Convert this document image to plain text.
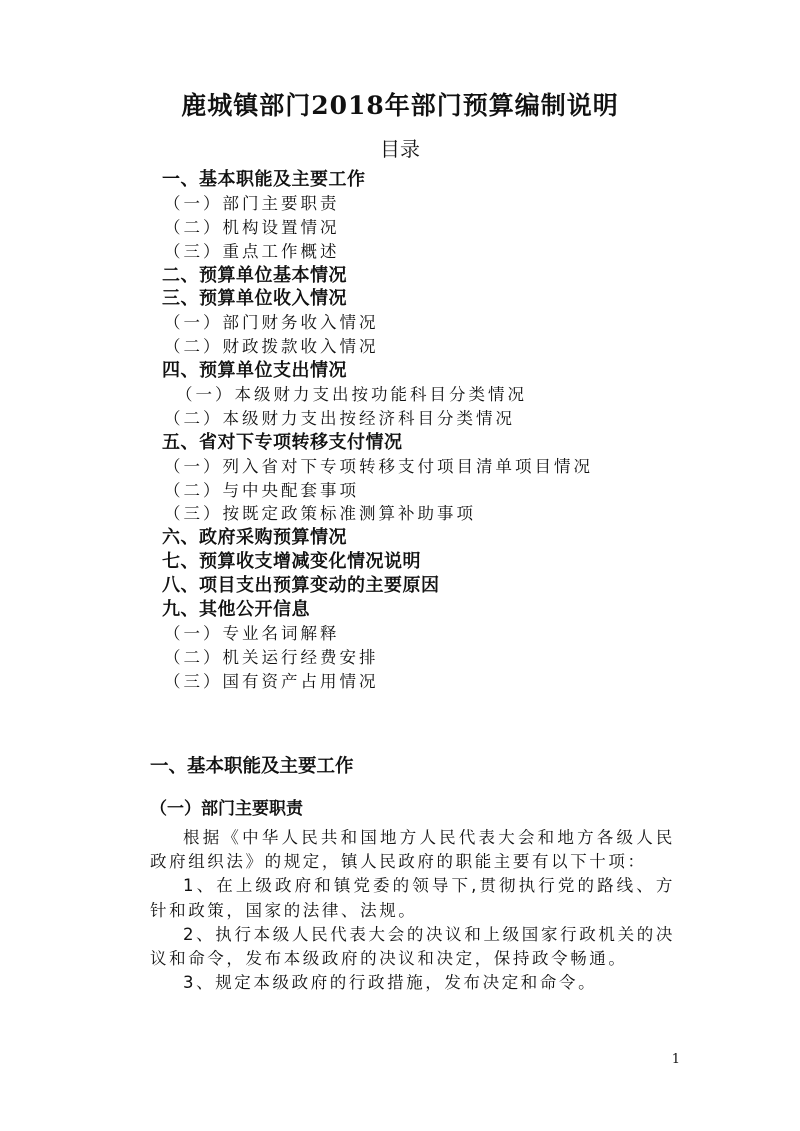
鹿城镇部门2018年部门预算编制说明
目录
一、基本职能及主要工作
（一）部门主要职责
（二）机构设置情况
（三）重点工作概述
二、预算单位基本情况
三、预算单位收入情况
（一）部门财务收入情况
（二）财政拨款收入情况
四、预算单位支出情况
（一）本级财力支出按功能科目分类情况
（二）本级财力支出按经济科目分类情况
五、省对下专项转移支付情况
（一）列入省对下专项转移支付项目清单项目情况
（二）与中央配套事项
（三）按既定政策标准测算补助事项
六、政府采购预算情况
七、预算收支增减变化情况说明
八、项目支出预算变动的主要原因
九、其他公开信息
（一）专业名词解释
（二）机关运行经费安排
（三）国有资产占用情况
一、基本职能及主要工作
（一）部门主要职责

根据《中华人民共和国地方人民代表大会和地方各级人民政府组织法》的规定，镇人民政府的职能主要有以下十项：

1、在上级政府和镇党委的领导下,贯彻执行党的路线、方针和政策，国家的法律、法规。

2、执行本级人民代表大会的决议和上级国家行政机关的决议和命令，发布本级政府的决议和决定，保持政令畅通。

3、规定本级政府的行政措施，发布决定和命令。

1
